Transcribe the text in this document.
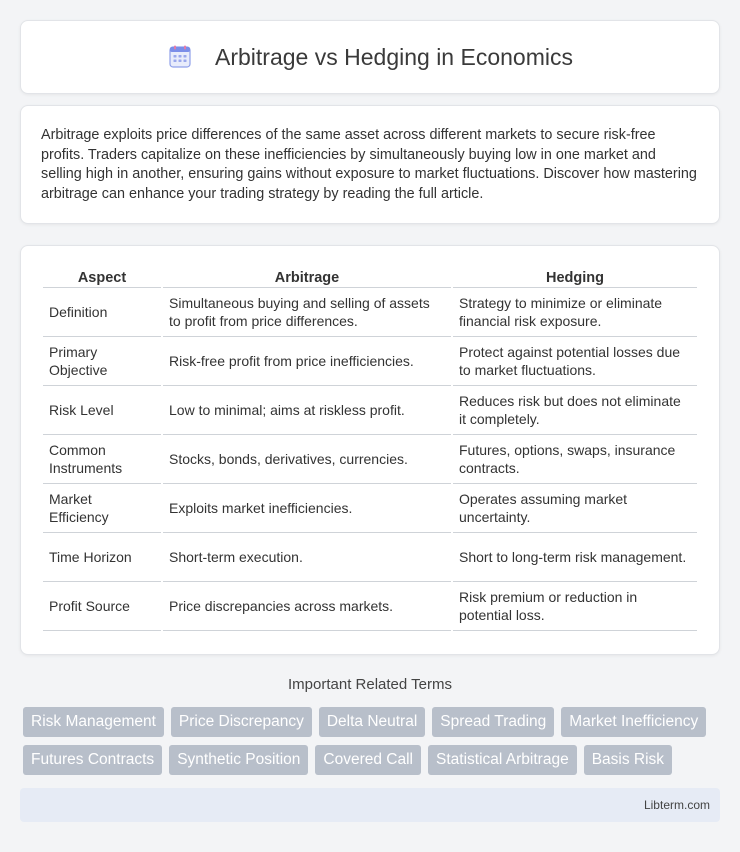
Arbitrage vs Hedging in Economics

Arbitrage exploits price differences of the same asset across different markets to secure risk-free profits. Traders capitalize on these inefficiencies by simultaneously buying low in one market and selling high in another, ensuring gains without exposure to market fluctuations. Discover how mastering arbitrage can enhance your trading strategy by reading the full article.

Aspect	Arbitrage	Hedging
Definition	Simultaneous buying and selling of assets to profit from price differences.	Strategy to minimize or eliminate financial risk exposure.
Primary Objective	Risk-free profit from price inefficiencies.	Protect against potential losses due to market fluctuations.
Risk Level	Low to minimal; aims at riskless profit.	Reduces risk but does not eliminate it completely.
Common Instruments	Stocks, bonds, derivatives, currencies.	Futures, options, swaps, insurance contracts.
Market Efficiency	Exploits market inefficiencies.	Operates assuming market uncertainty.
Time Horizon	Short-term execution.	Short to long-term risk management.
Profit Source	Price discrepancies across markets.	Risk premium or reduction in potential loss.
Important Related Terms
Risk Management	Price Discrepancy	Delta Neutral	Spread Trading	Market Inefficiency
Futures Contracts	Synthetic Position	Covered Call	Statistical Arbitrage	Basis Risk
Libterm.com
